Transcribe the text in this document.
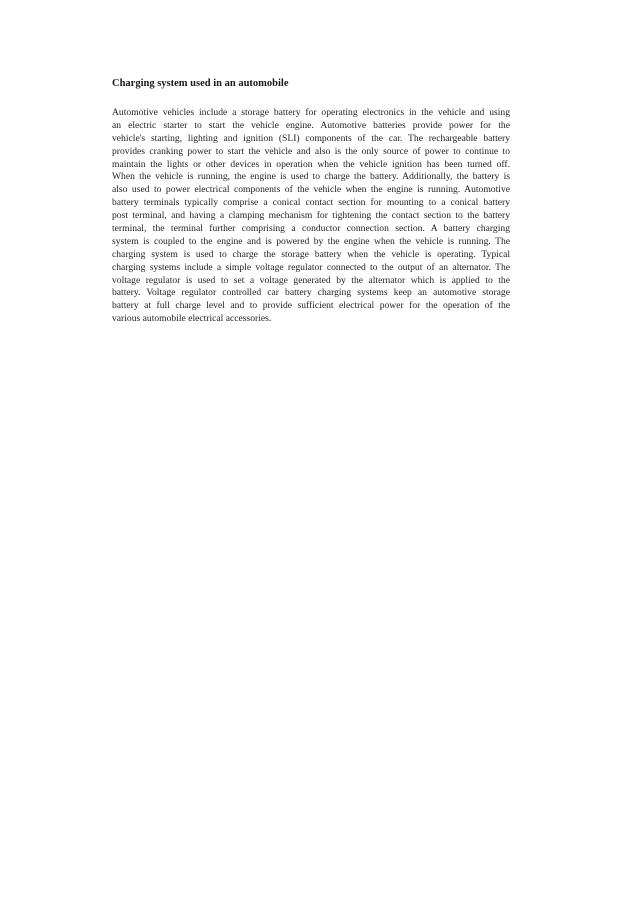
Charging system used in an automobile
Automotive vehicles include a storage battery for operating electronics in the vehicle and using
an electric starter to start the vehicle engine. Automotive batteries provide power for the
vehicle's starting, lighting and ignition (SLI) components of the car. The rechargeable battery
provides cranking power to start the vehicle and also is the only source of power to continue to
maintain the lights or other devices in operation when the vehicle ignition has been turned off.
When the vehicle is running, the engine is used to charge the battery. Additionally, the battery is
also used to power electrical components of the vehicle when the engine is running. Automotive
battery terminals typically comprise a conical contact section for mounting to a conical battery
post terminal, and having a clamping mechanism for tightening the contact section to the battery
terminal, the terminal further comprising a conductor connection section. A battery charging
system is coupled to the engine and is powered by the engine when the vehicle is running. The
charging system is used to charge the storage battery when the vehicle is operating. Typical
charging systems include a simple voltage regulator connected to the output of an alternator. The
voltage regulator is used to set a voltage generated by the alternator which is applied to the
battery. Voltage regulator controlled car battery charging systems keep an automotive storage
battery at full charge level and to provide sufficient electrical power for the operation of the
various automobile electrical accessories.
